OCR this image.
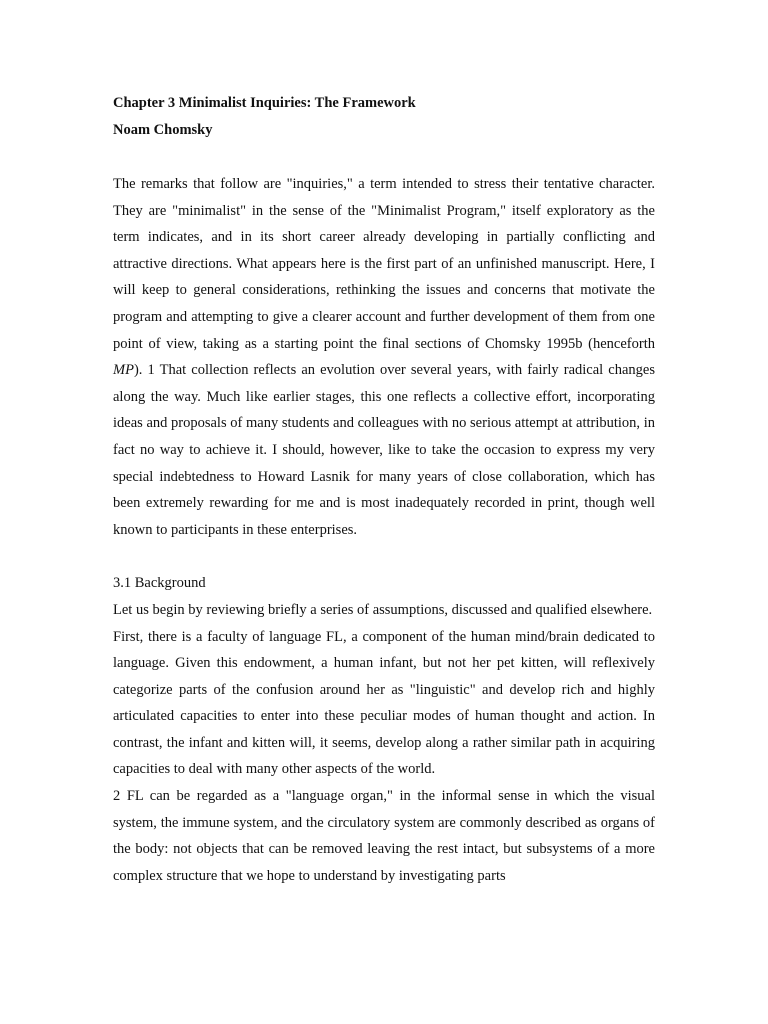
Chapter 3 Minimalist Inquiries: The Framework
Noam Chomsky

The remarks that follow are "inquiries," a term intended to stress their tentative character. They are "minimalist" in the sense of the "Minimalist Program," itself exploratory as the term indicates, and in its short career already developing in partially conflicting and attractive directions. What appears here is the first part of an unfinished manuscript. Here, I will keep to general considerations, rethinking the issues and concerns that motivate the program and attempting to give a clearer account and further development of them from one point of view, taking as a starting point the final sections of Chomsky 1995b (henceforth MP). 1 That collection reflects an evolution over several years, with fairly radical changes along the way. Much like earlier stages, this one reflects a collective effort, incorporating ideas and proposals of many students and colleagues with no serious attempt at attribution, in fact no way to achieve it. I should, however, like to take the occasion to express my very special indebtedness to Howard Lasnik for many years of close collaboration, which has been extremely rewarding for me and is most inadequately recorded in print, though well known to participants in these enterprises.

3.1 Background

Let us begin by reviewing briefly a series of assumptions, discussed and qualified elsewhere.

First, there is a faculty of language FL, a component of the human mind/brain dedicated to language. Given this endowment, a human infant, but not her pet kitten, will reflexively categorize parts of the confusion around her as "linguistic" and develop rich and highly articulated capacities to enter into these peculiar modes of human thought and action. In contrast, the infant and kitten will, it seems, develop along a rather similar path in acquiring capacities to deal with many other aspects of the world.

2 FL can be regarded as a "language organ," in the informal sense in which the visual system, the immune system, and the circulatory system are commonly described as organs of the body: not objects that can be removed leaving the rest intact, but subsystems of a more complex structure that we hope to understand by investigating parts
